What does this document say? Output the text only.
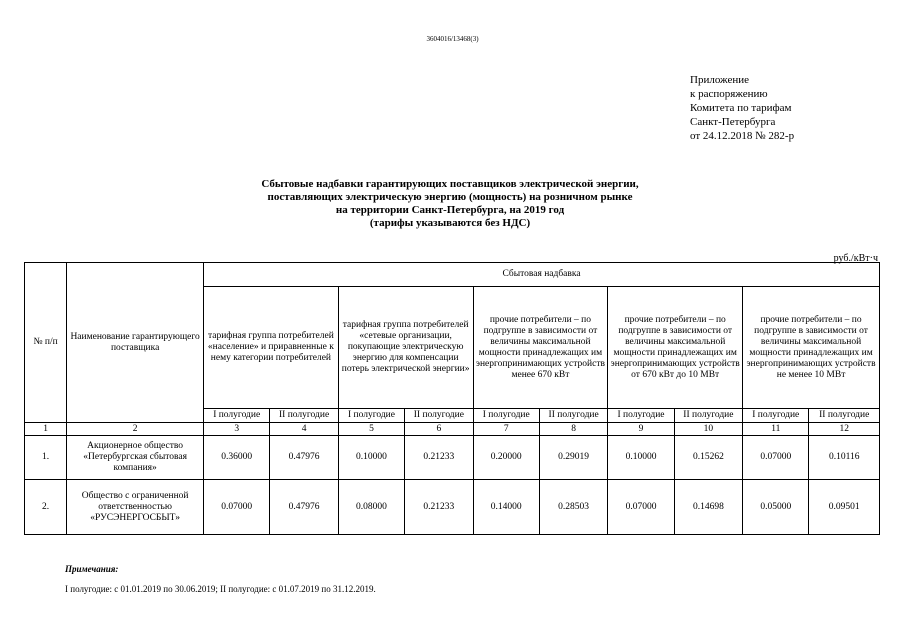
3604016/13468(3)
Приложение
к распоряжению
Комитета по тарифам
Санкт-Петербурга
от 24.12.2018 № 282-р
Сбытовые надбавки гарантирующих поставщиков электрической энергии,
поставляющих электрическую энергию (мощность) на розничном рынке
на территории Санкт-Петербурга, на 2019 год
(тарифы указываются без НДС)
руб./кВт·ч
№ п/п	Наименование гарантирующего поставщика	Сбытовая надбавка									
		тарифная группа потребителей «население» и приравненные к нему категории потребителей		тарифная группа потребителей «сетевые организации, покупающие электрическую энергию для компенсации потерь электрической энергии»		прочие потребители – по подгруппе в зависимости от величины максимальной мощности принадлежащих им энергопринимающих устройств менее 670 кВт		прочие потребители – по подгруппе в зависимости от величины максимальной мощности принадлежащих им энергопринимающих устройств от 670 кВт до 10 МВт		прочие потребители – по подгруппе в зависимости от величины максимальной мощности принадлежащих им энергопринимающих устройств не менее 10 МВт	
		I полугодие	II полугодие	I полугодие	II полугодие	I полугодие	II полугодие	I полугодие	II полугодие	I полугодие	II полугодие
1	2	3	4	5	6	7	8	9	10	11	12
1.	Акционерное общество «Петербургская сбытовая компания»	0.36000	0.47976	0.10000	0.21233	0.20000	0.29019	0.10000	0.15262	0.07000	0.10116
2.	Общество с ограниченной ответственностью «РУСЭНЕРГОСБЫТ»	0.07000	0.47976	0.08000	0.21233	0.14000	0.28503	0.07000	0.14698	0.05000	0.09501
Примечания:
I полугодие: с 01.01.2019 по 30.06.2019; II полугодие: с 01.07.2019 по 31.12.2019.
